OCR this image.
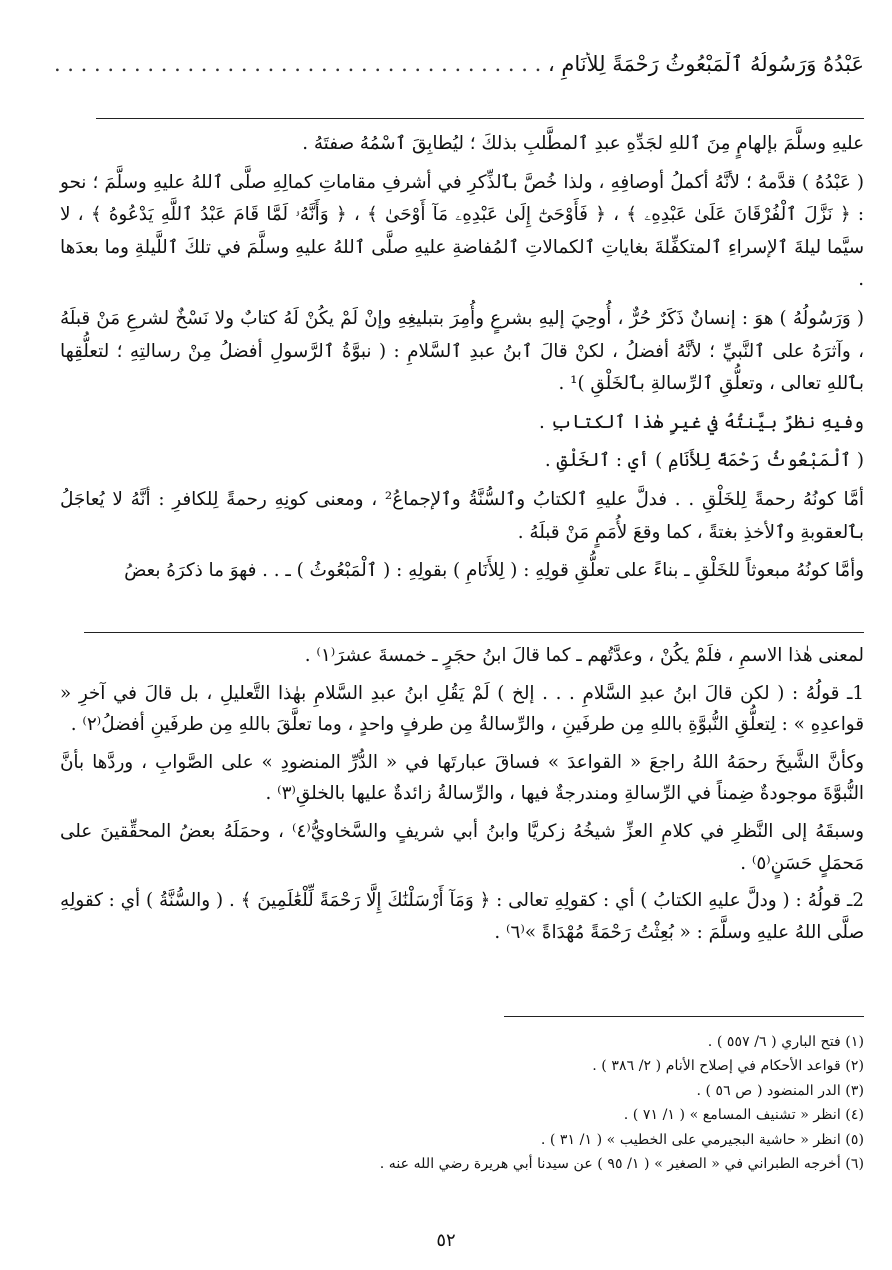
عَبْدُهُ وَرَسُولُهُ ٱلْمَبْعُوثُ رَحْمَةً لِلأَنَامِ ، . . . . . . . . . . . . . . . . . . . . . . . . . . . . . . . . . . . . .

عليهِ وسلَّمَ بإلهامٍ مِنَ ٱللهِ لجَدِّهِ عبدِ ٱلمطَّلبِ بذلكَ ؛ ليُطابِقَ ٱسْمُهُ صفتَهُ .

( عَبْدُهُ ) قدَّمهُ ؛ لأنَّهُ أكملُ أوصافِهِ ، ولذا خُصَّ بٱلذِّكرِ في أشرفِ مقاماتِ كمالِهِ صلَّى ٱللهُ عليهِ وسلَّمَ ؛ نحو : ﴿ نَزَّلَ ٱلْفُرْقَانَ عَلَىٰ عَبْدِهِۦ ﴾ ، ﴿ فَأَوْحَىٰٓ إِلَىٰ عَبْدِهِۦ مَآ أَوْحَىٰ ﴾ ، ﴿ وَأَنَّهُۥ لَمَّا قَامَ عَبْدُ ٱللَّهِ يَدْعُوهُ ﴾ ، لا سيَّما ليلةَ ٱلإسراءِ ٱلمتكفِّلةَ بغاياتِ ٱلكمالاتِ ٱلمُفاضةِ عليهِ صلَّى ٱللهُ عليهِ وسلَّمَ في تلكَ ٱللَّيلةِ وما بعدَها .

( وَرَسُولُهُ ) هوَ : إنسانٌ ذَكَرٌ حُرٌّ ، أُوحِيَ إليهِ بشرعٍ وأُمِرَ بتبليغِهِ وإنْ لَمْ يكُنْ لَهُ كتابٌ ولا نَسْخٌ لشرعِ مَنْ قبلَهُ ، وآثرَهُ على ٱلنَّبيِّ ؛ لأنَّهُ أفضلُ ، لكنْ قالَ ٱبنُ عبدِ ٱلسَّلامِ : ( نبوَّةُ ٱلرَّسولِ أفضلُ مِنْ رسالتِهِ ؛ لتعلُّقِها بٱللهِ تعالى ، وتعلُّقِ ٱلرِّسالةِ بٱلخَلْقِ )¹ .

وفيهِ نظرٌ بيَّنتُهُ في غيرِ هٰذا ٱلكتابِ .

( ٱلْمَبْعُوثُ رَحْمَةً لِلأَنَامِ ) أي : ٱلخَلْقِ .

أمَّا كونُهُ رحمةً لِلخَلْقِ . . فدلَّ عليهِ ٱلكتابُ وٱلسُّنَّةُ وٱلإجماعُ² ، ومعنى كونِهِ رحمةً لِلكافرِ : أنَّهُ لا يُعاجَلُ بٱلعقوبةِ وٱلأخذِ بغتةً ، كما وقعَ لأُمَمٍ مَنْ قبلَهُ .

وأمَّا كونُهُ مبعوثاً للخَلْقِ ـ بناءً على تعلُّقِ قولِهِ : ( لِلأَنَامِ ) بقولِهِ : ( ٱلْمَبْعُوثُ ) ـ . . فهوَ ما ذكرَهُ بعضُ

لمعنى هٰذا الاسمِ ، فلَمْ يكُنْ ، وعدَّتُهم ـ كما قالَ ابنُ حجَرٍ ـ خمسةَ عشرَ⁽١⁾ .

1ـ قولُهُ : ( لكن قالَ ابنُ عبدِ السَّلامِ . . . إلخ ) لَمْ يَقُلِ ابنُ عبدِ السَّلامِ بهٰذا التَّعليلِ ، بل قالَ في آخرِ « قواعدِهِ » : لِتعلُّقِ النُّبوَّةِ باللهِ مِن طرفَينِ ، والرِّسالةُ مِن طرفٍ واحدٍ ، وما تعلَّقَ باللهِ مِن طرفَينِ أفضلُ⁽٢⁾ .

وكأنَّ الشَّيخَ رحمَهُ اللهُ راجعَ « القواعدَ » فساقَ عبارتَها في « الدُّرِّ المنضودِ » على الصَّوابِ ، وردَّها بأنَّ النُّبوَّةَ موجودةٌ ضِمناً في الرِّسالةِ ومندرجةٌ فيها ، والرِّسالةُ زائدةٌ عليها بالخلقِ⁽٣⁾ .

وسبقَهُ إلى النَّظرِ في كلامِ العزِّ شيخُهُ زكريَّا وابنُ أبي شريفٍ والسَّخاويُّ⁽٤⁾ ، وحمَلَهُ بعضُ المحقِّقينَ على مَحمَلٍ حَسَنٍ⁽٥⁾ .

2ـ قولُهُ : ( ودلَّ عليهِ الكتابُ ) أي : كقولِهِ تعالى : ﴿ وَمَآ أَرْسَلْنَٰكَ إِلَّا رَحْمَةً لِّلْعَٰلَمِينَ ﴾ . ( والسُّنَّةُ ) أي : كقولِهِ صلَّى اللهُ عليهِ وسلَّمَ : « بُعِثْتُ رَحْمَةً مُهْدَاةً »⁽٦⁾ .

(١) فتح الباري ( ٦/ ٥٥٧ ) .
(٢) قواعد الأحكام في إصلاح الأنام ( ٢/ ٣٨٦ ) .
(٣) الدر المنضود ( ص ٥٦ ) .
(٤) انظر « تشنيف المسامع » ( ١/ ٧١ ) .
(٥) انظر « حاشية البجيرمي على الخطيب » ( ١/ ٣١ ) .
(٦) أخرجه الطبراني في « الصغير » ( ١/ ٩٥ ) عن سيدنا أبي هريرة رضي الله عنه .
٥٢
